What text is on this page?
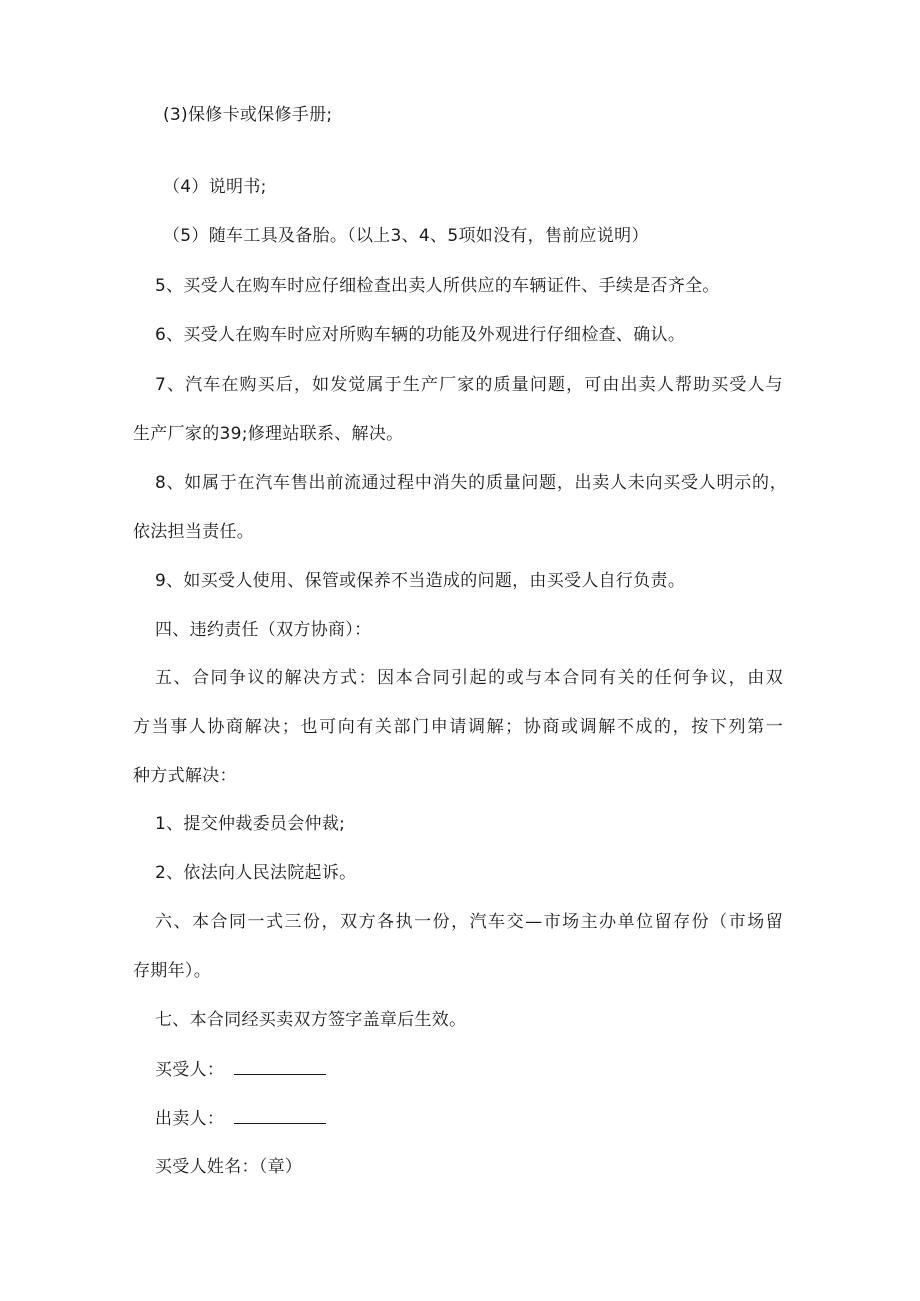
(3)保修卡或保修手册;
（4）说明书;
（5）随车工具及备胎。（以上3、4、5项如没有，售前应说明）
5、买受人在购车时应仔细检查出卖人所供应的车辆证件、手续是否齐全。
6、买受人在购车时应对所购车辆的功能及外观进行仔细检查、确认。
7、汽车在购买后，如发觉属于生产厂家的质量问题，可由出卖人帮助买受人与
生产厂家的39;修理站联系、解决。
8、如属于在汽车售出前流通过程中消失的质量问题，出卖人未向买受人明示的，
依法担当责任。
9、如买受人使用、保管或保养不当造成的问题，由买受人自行负责。
四、违约责任（双方协商）：
五、合同争议的解决方式：因本合同引起的或与本合同有关的任何争议，由双
方当事人协商解决；也可向有关部门申请调解；协商或调解不成的，按下列第一
种方式解决：
1、提交仲裁委员会仲裁;
2、依法向人民法院起诉。
六、本合同一式三份，双方各执一份，汽车交—市场主办单位留存份（市场留
存期年）。
七、本合同经买卖双方签字盖章后生效。
买受人：
出卖人：
买受人姓名：（章）
